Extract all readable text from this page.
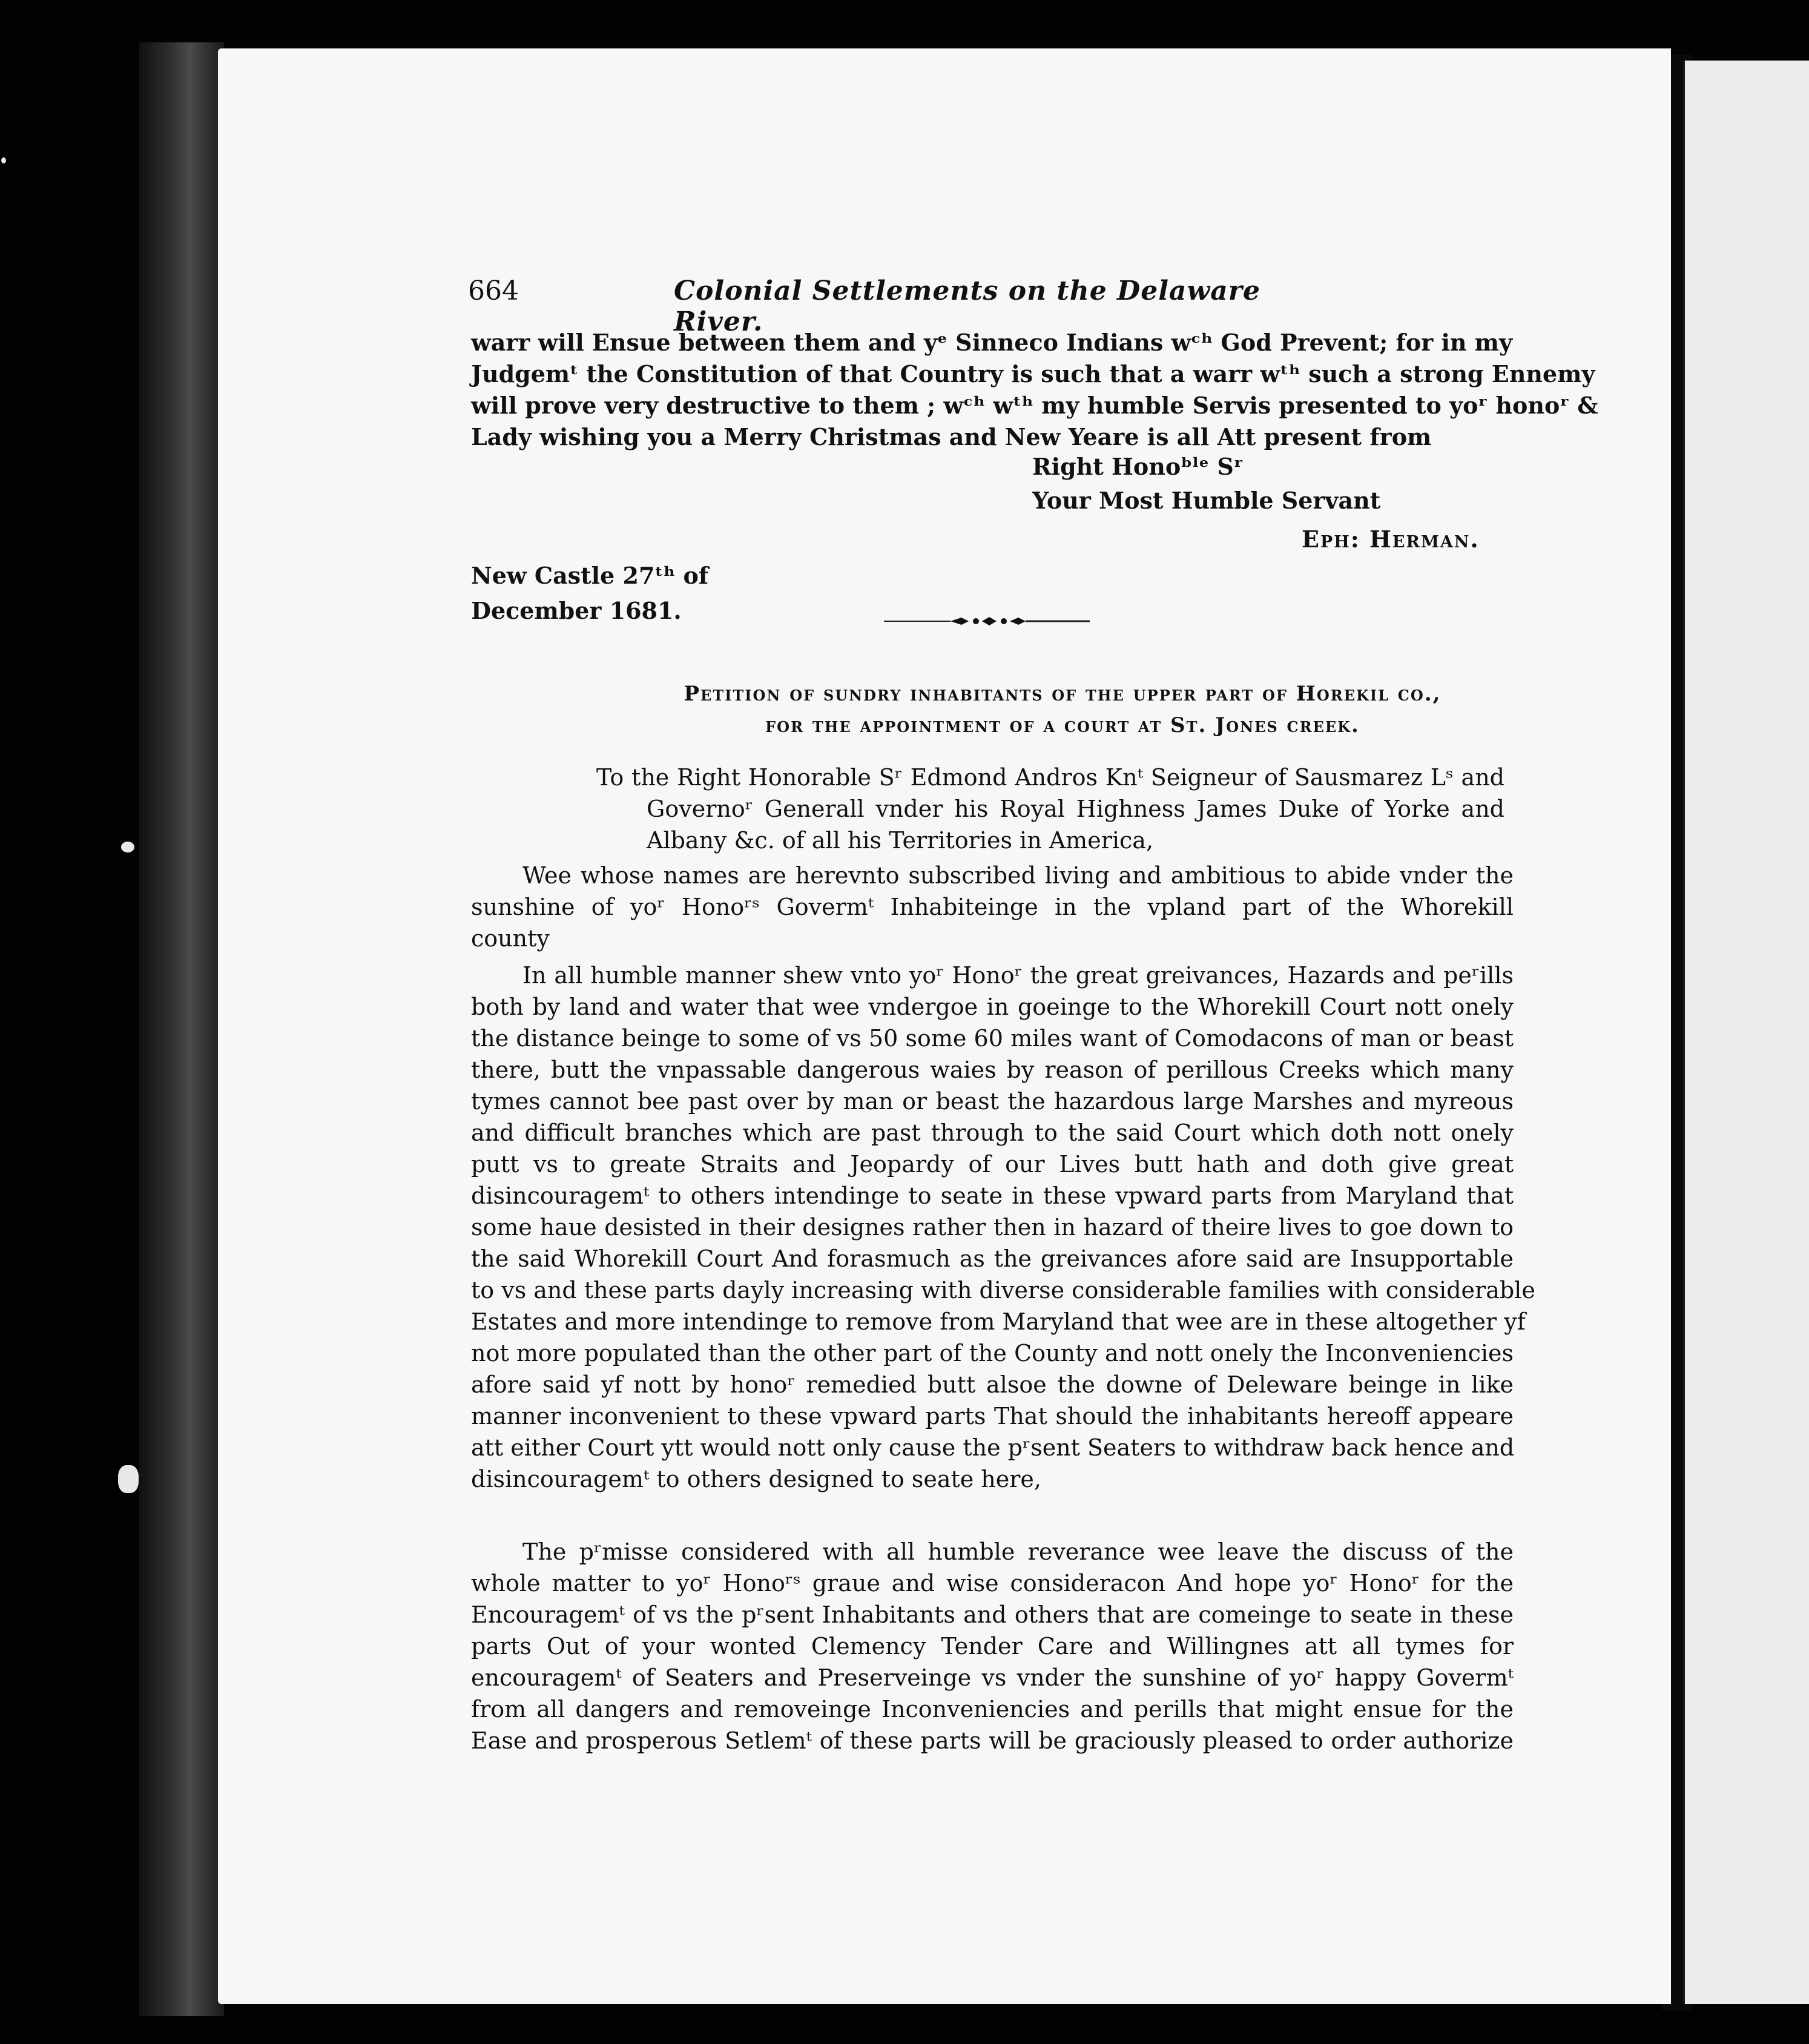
664	Colonial Settlements on the Delaware River.
warr will Ensue between them and yᵉ Sinneco Indians wᶜʰ God Prevent; for in my
Judgemᵗ the Constitution of that Country is such that a warr wᵗʰ such a strong Ennemy
will prove very destructive to them ; wᶜʰ wᵗʰ my humble Servis presented to yoʳ honoʳ &
Lady wishing you a Merry Christmas and New Yeare is all Att present from
Right Honoᵇˡᵉ Sʳ
Your Most Humble Servant
Eph: Herman.
New Castle 27ᵗʰ of
December 1681.
Petition of sundry inhabitants of the upper part of Horekil co.,
for the appointment of a court at St. Jones creek.
To the Right Honorable Sʳ Edmond Andros Knᵗ Seigneur of Sausmarez Lˢ and
Governoʳ Generall vnder his Royal Highness James Duke of Yorke and
Albany &c. of all his Territories in America,
Wee whose names are herevnto subscribed living and ambitious to abide vnder the
sunshine of yoʳ Honoʳˢ Govermᵗ Inhabiteinge in the vpland part of the Whorekill
county
In all humble manner shew vnto yoʳ Honoʳ the great greivances, Hazards and peʳills
both by land and water that wee vndergoe in goeinge to the Whorekill Court nott onely
the distance beinge to some of vs 50 some 60 miles want of Comodacons of man or beast
there, butt the vnpassable dangerous waies by reason of perillous Creeks which many
tymes cannot bee past over by man or beast the hazardous large Marshes and myreous
and difficult branches which are past through to the said Court which doth nott onely
putt vs to greate Straits and Jeopardy of our Lives butt hath and doth give great
disincouragemᵗ to others intendinge to seate in these vpward parts from Maryland that
some haue desisted in their designes rather then in hazard of theire lives to goe down to
the said Whorekill Court And forasmuch as the greivances afore said are Insupportable
to vs and these parts dayly increasing with diverse considerable families with considerable
Estates and more intendinge to remove from Maryland that wee are in these altogether yf
not more populated than the other part of the County and nott onely the Inconveniencies
afore said yf nott by honoʳ remedied butt alsoe the downe of Deleware beinge in like
manner inconvenient to these vpward parts That should the inhabitants hereoff appeare
att either Court ytt would nott only cause the pʳsent Seaters to withdraw back hence and
disincouragemᵗ to others designed to seate here,
The pʳmisse considered with all humble reverance wee leave the discuss of the
whole matter to yoʳ Honoʳˢ graue and wise consideracon And hope yoʳ Honoʳ for the
Encouragemᵗ of vs the pʳsent Inhabitants and others that are comeinge to seate in these
parts Out of your wonted Clemency Tender Care and Willingnes att all tymes for
encouragemᵗ of Seaters and Preserveinge vs vnder the sunshine of yoʳ happy Govermᵗ
from all dangers and removeinge Inconveniencies and perills that might ensue for the
Ease and prosperous Setlemᵗ of these parts will be graciously pleased to order authorize
